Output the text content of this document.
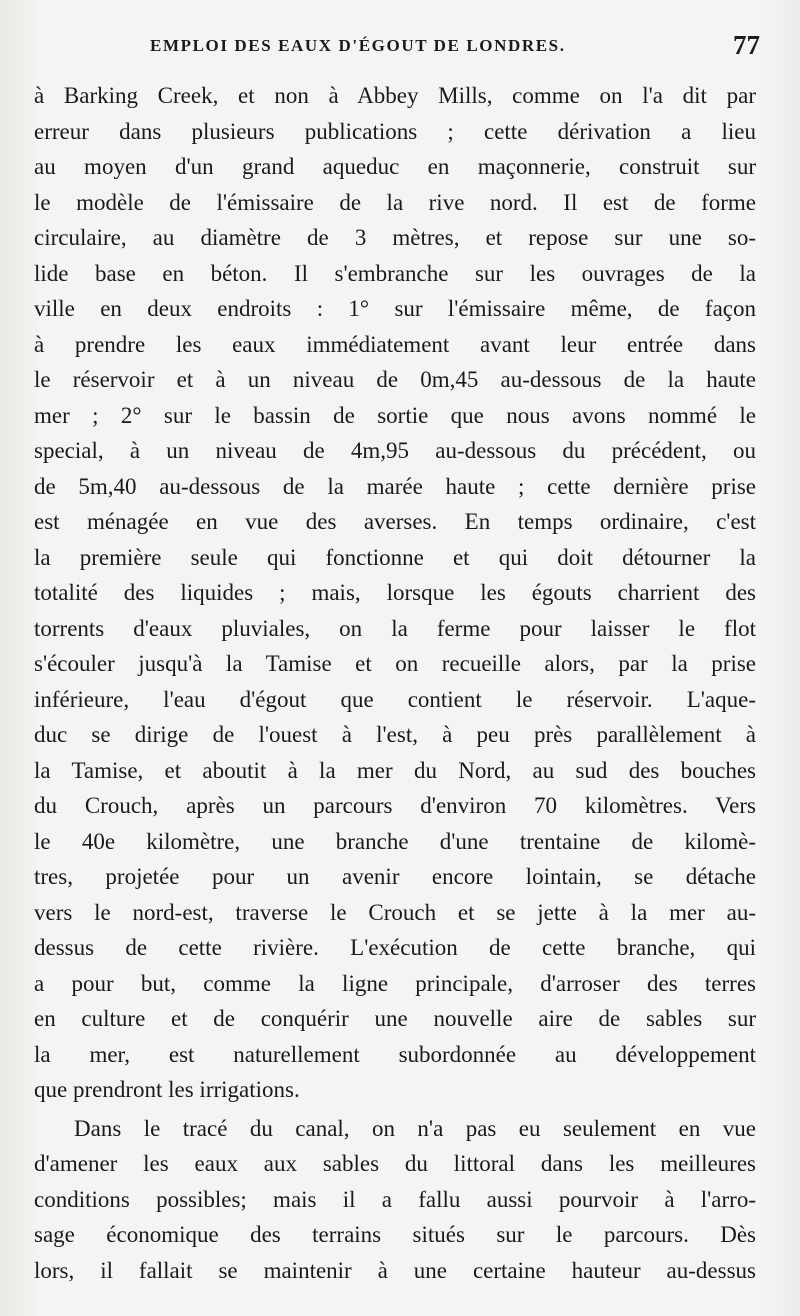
EMPLOI DES EAUX D'ÉGOUT DE LONDRES.	77
à Barking Creek, et non à Abbey Mills, comme on l'a dit par
erreur dans plusieurs publications ; cette dérivation a lieu
au moyen d'un grand aqueduc en maçonnerie, construit sur
le modèle de l'émissaire de la rive nord. Il est de forme
circulaire, au diamètre de 3 mètres, et repose sur une so-
lide base en béton. Il s'embranche sur les ouvrages de la
ville en deux endroits : 1° sur l'émissaire même, de façon
à prendre les eaux immédiatement avant leur entrée dans
le réservoir et à un niveau de 0m,45 au-dessous de la haute
mer ; 2° sur le bassin de sortie que nous avons nommé le
special, à un niveau de 4m,95 au-dessous du précédent, ou
de 5m,40 au-dessous de la marée haute ; cette dernière prise
est ménagée en vue des averses. En temps ordinaire, c'est
la première seule qui fonctionne et qui doit détourner la
totalité des liquides ; mais, lorsque les égouts charrient des
torrents d'eaux pluviales, on la ferme pour laisser le flot
s'écouler jusqu'à la Tamise et on recueille alors, par la prise
inférieure, l'eau d'égout que contient le réservoir. L'aque-
duc se dirige de l'ouest à l'est, à peu près parallèlement à
la Tamise, et aboutit à la mer du Nord, au sud des bouches
du Crouch, après un parcours d'environ 70 kilomètres. Vers
le 40e kilomètre, une branche d'une trentaine de kilomè-
tres, projetée pour un avenir encore lointain, se détache
vers le nord-est, traverse le Crouch et se jette à la mer au-
dessus de cette rivière. L'exécution de cette branche, qui
a pour but, comme la ligne principale, d'arroser des terres
en culture et de conquérir une nouvelle aire de sables sur
la mer, est naturellement subordonnée au développement
que prendront les irrigations.
Dans le tracé du canal, on n'a pas eu seulement en vue
d'amener les eaux aux sables du littoral dans les meilleures
conditions possibles; mais il a fallu aussi pourvoir à l'arro-
sage économique des terrains situés sur le parcours. Dès
lors, il fallait se maintenir à une certaine hauteur au-dessus
